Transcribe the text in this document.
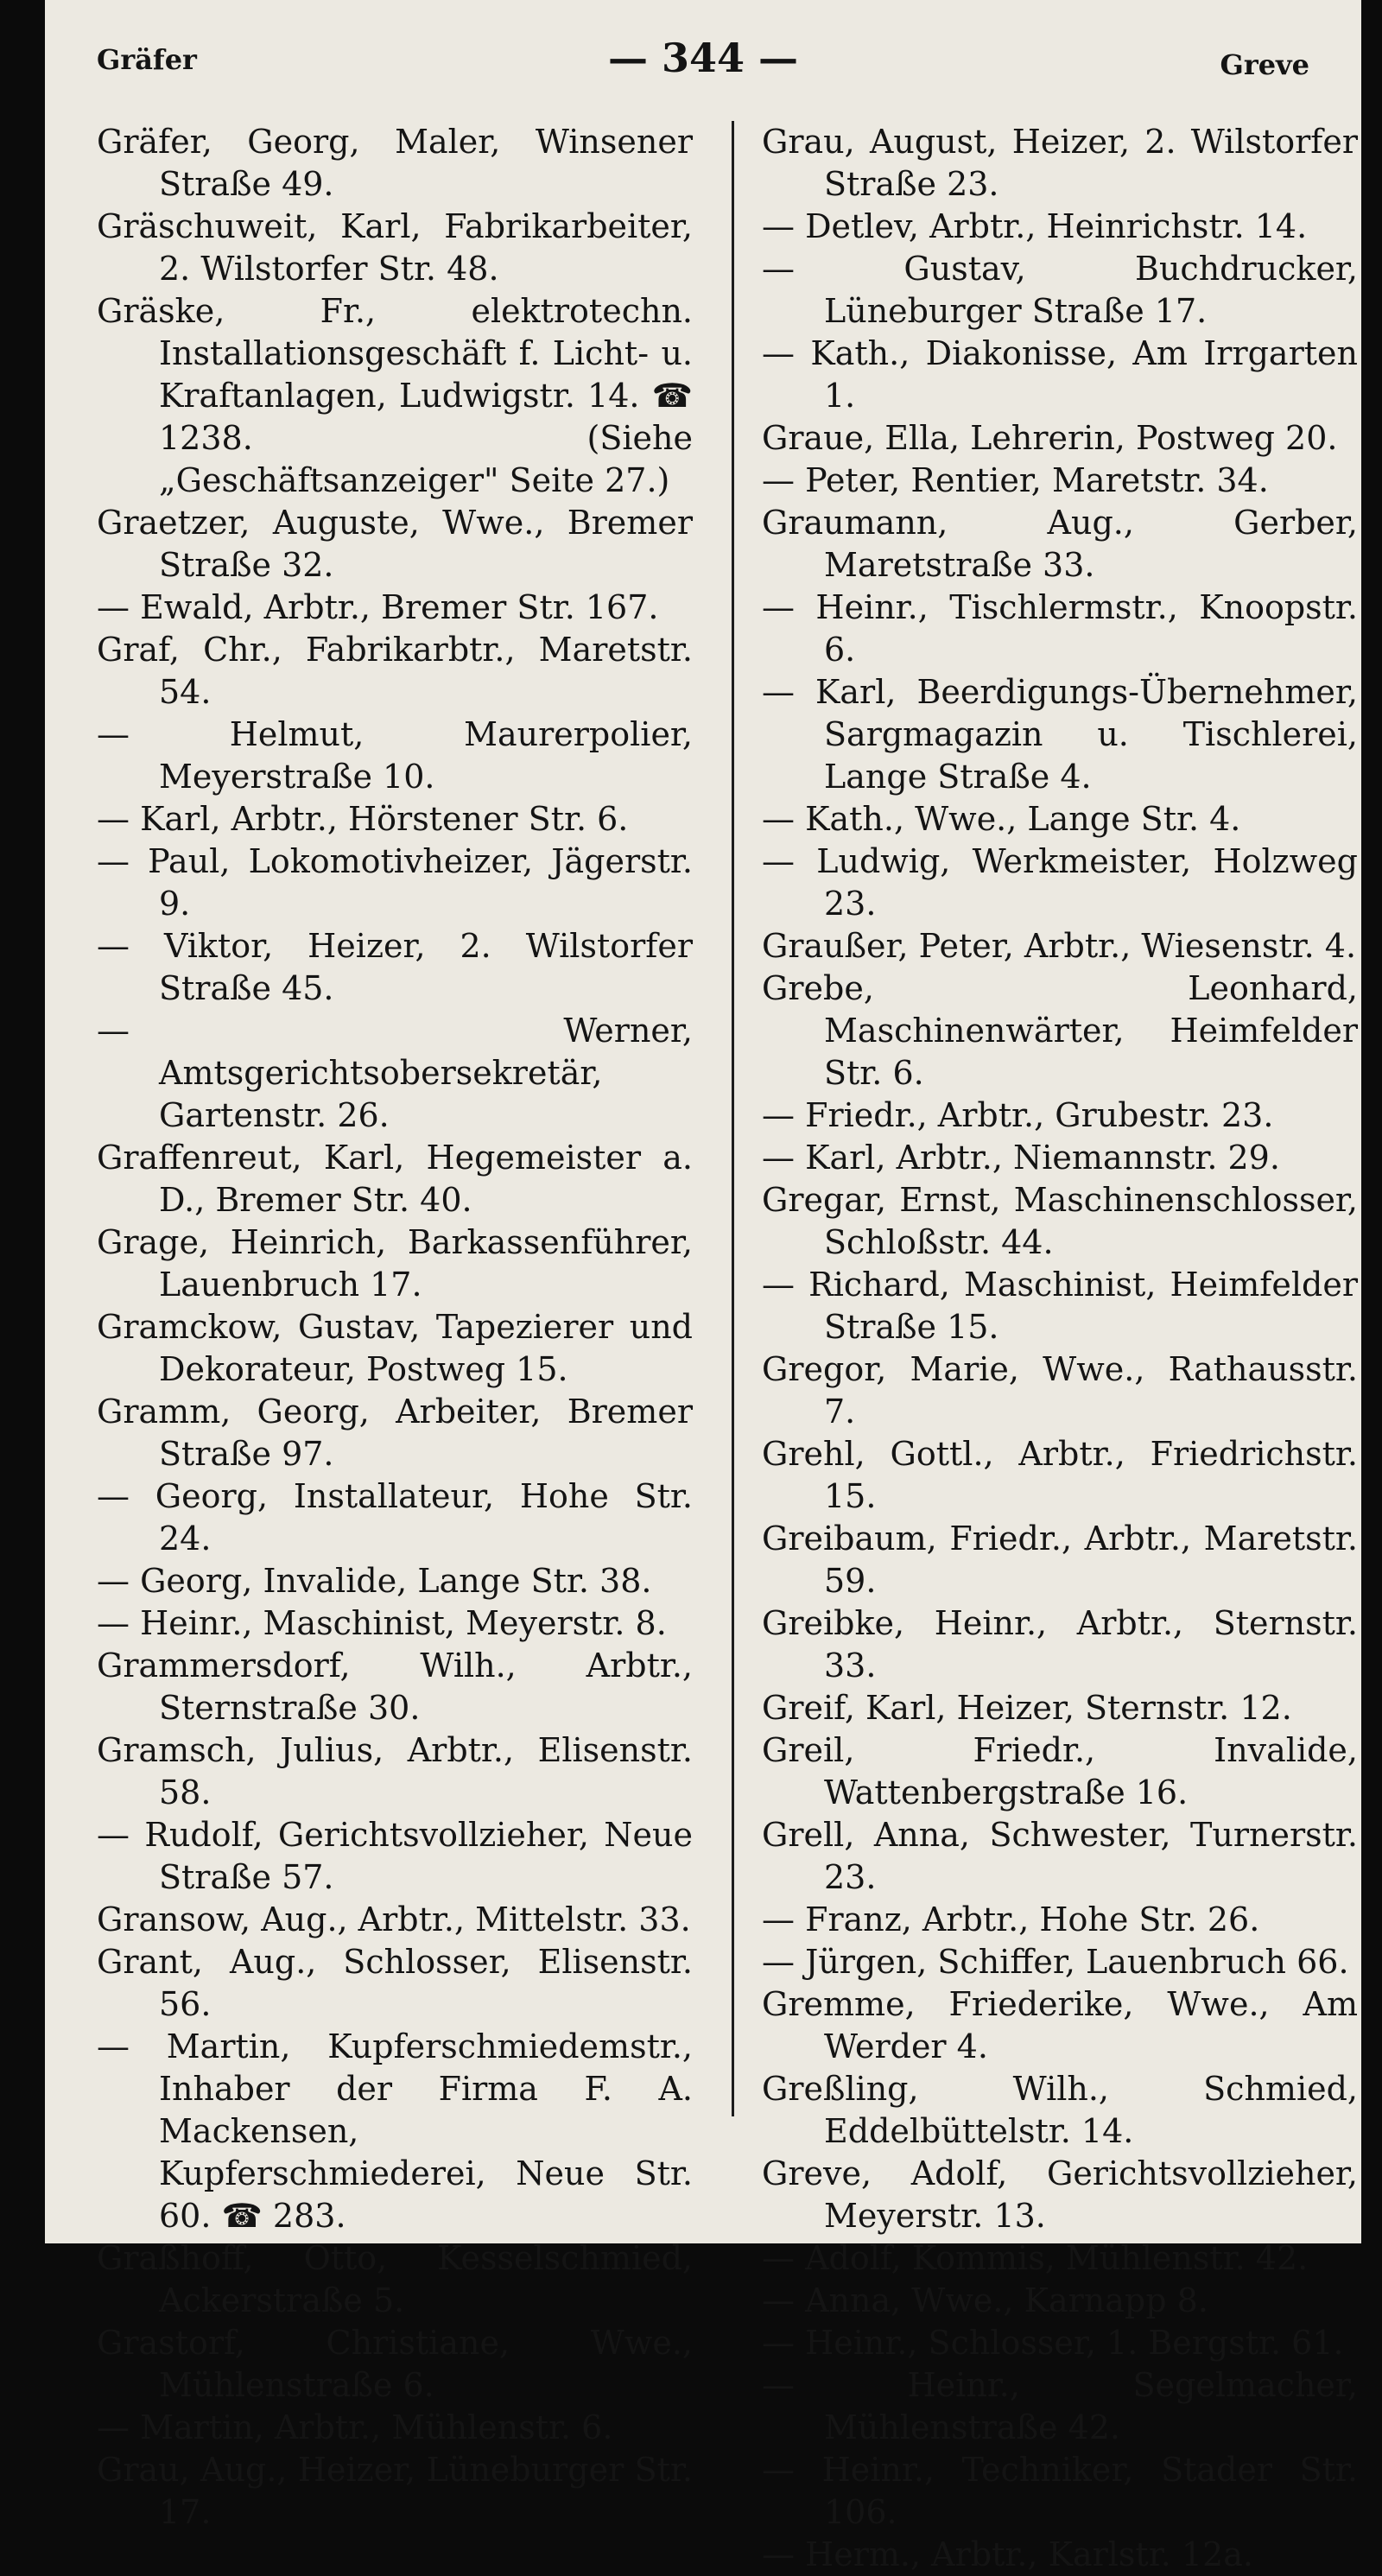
Gräfer	— 344 —	Greve

Gräfer, Georg, Maler, Winsener Straße 49.

Gräschuweit, Karl, Fabrikarbeiter, 2. Wilstorfer Str. 48.

Gräske, Fr., elektrotechn. Installationsgeschäft f. Licht- u. Kraftanlagen, Ludwigstr. 14. ☎ 1238. (Siehe „Geschäftsanzeiger" Seite 27.)

Graetzer, Auguste, Wwe., Bremer Straße 32.

— Ewald, Arbtr., Bremer Str. 167.

Graf, Chr., Fabrikarbtr., Maretstr. 54.

— Helmut, Maurerpolier, Meyerstraße 10.

— Karl, Arbtr., Hörstener Str. 6.

— Paul, Lokomotivheizer, Jägerstr. 9.

— Viktor, Heizer, 2. Wilstorfer Straße 45.

— Werner, Amtsgerichtsobersekretär, Gartenstr. 26.

Graffenreut, Karl, Hegemeister a. D., Bremer Str. 40.

Grage, Heinrich, Barkassenführer, Lauenbruch 17.

Gramckow, Gustav, Tapezierer und Dekorateur, Postweg 15.

Gramm, Georg, Arbeiter, Bremer Straße 97.

— Georg, Installateur, Hohe Str. 24.

— Georg, Invalide, Lange Str. 38.

— Heinr., Maschinist, Meyerstr. 8.

Grammersdorf, Wilh., Arbtr., Sternstraße 30.

Gramsch, Julius, Arbtr., Elisenstr. 58.

— Rudolf, Gerichtsvollzieher, Neue Straße 57.

Gransow, Aug., Arbtr., Mittelstr. 33.

Grant, Aug., Schlosser, Elisenstr. 56.

— Martin, Kupferschmiedemstr., Inhaber der Firma F. A. Mackensen, Kupferschmiederei, Neue Str. 60. ☎ 283.

Graßhoff, Otto, Kesselschmied, Ackerstraße 5.

Grastorf, Christiane, Wwe., Mühlenstraße 6.

— Martin, Arbtr., Mühlenstr. 6.

Grau, Aug., Heizer, Lüneburger Str. 17.

Grau, August, Heizer, 2. Wilstorfer Straße 23.

— Detlev, Arbtr., Heinrichstr. 14.

— Gustav, Buchdrucker, Lüneburger Straße 17.

— Kath., Diakonisse, Am Irrgarten 1.

Graue, Ella, Lehrerin, Postweg 20.

— Peter, Rentier, Maretstr. 34.

Graumann, Aug., Gerber, Maretstraße 33.

— Heinr., Tischlermstr., Knoopstr. 6.

— Karl, Beerdigungs-Übernehmer, Sargmagazin u. Tischlerei, Lange Straße 4.

— Kath., Wwe., Lange Str. 4.

— Ludwig, Werkmeister, Holzweg 23.

Graußer, Peter, Arbtr., Wiesenstr. 4.

Grebe, Leonhard, Maschinenwärter, Heimfelder Str. 6.

— Friedr., Arbtr., Grubestr. 23.

— Karl, Arbtr., Niemannstr. 29.

Gregar, Ernst, Maschinenschlosser, Schloßstr. 44.

— Richard, Maschinist, Heimfelder Straße 15.

Gregor, Marie, Wwe., Rathausstr. 7.

Grehl, Gottl., Arbtr., Friedrichstr. 15.

Greibaum, Friedr., Arbtr., Maretstr. 59.

Greibke, Heinr., Arbtr., Sternstr. 33.

Greif, Karl, Heizer, Sternstr. 12.

Greil, Friedr., Invalide, Wattenbergstraße 16.

Grell, Anna, Schwester, Turnerstr. 23.

— Franz, Arbtr., Hohe Str. 26.

— Jürgen, Schiffer, Lauenbruch 66.

Gremme, Friederike, Wwe., Am Werder 4.

Greßling, Wilh., Schmied, Eddelbüttelstr. 14.

Greve, Adolf, Gerichtsvollzieher, Meyerstr. 13.

— Adolf, Kommis, Mühlenstr. 42.

— Anna, Wwe., Karnapp 8.

— Heinr., Schlosser, 1. Bergstr. 61.

— Heinr., Segelmacher, Mühlenstraße 42.

— Heinr., Techniker, Stader Str. 106.

— Herm., Arbtr., Karlstr. 12a.
